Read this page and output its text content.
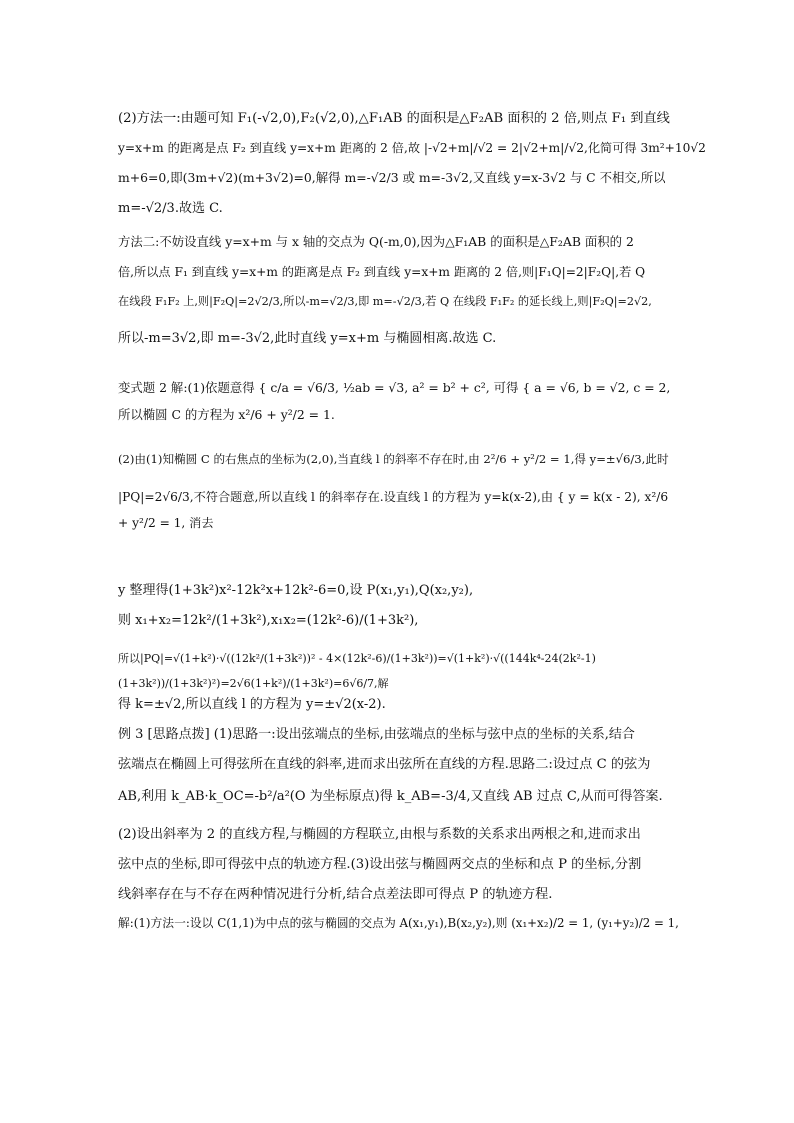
(2)方法一:由题可知 F₁(-√2,0),F₂(√2,0),△F₁AB 的面积是△F₂AB 面积的 2 倍,则点 F₁ 到直线
y=x+m 的距离是点 F₂ 到直线 y=x+m 距离的 2 倍,故 |-√2+m|/√2 = 2|√2+m|/√2,化简可得 3m²+10√2
m+6=0,即(3m+√2)(m+3√2)=0,解得 m=-√2/3 或 m=-3√2,又直线 y=x-3√2 与 C 不相交,所以
m=-√2/3.故选 C.
方法二:不妨设直线 y=x+m 与 x 轴的交点为 Q(-m,0),因为△F₁AB 的面积是△F₂AB 面积的 2
倍,所以点 F₁ 到直线 y=x+m 的距离是点 F₂ 到直线 y=x+m 距离的 2 倍,则|F₁Q|=2|F₂Q|,若 Q
在线段 F₁F₂ 上,则|F₂Q|=2√2/3,所以-m=√2/3,即 m=-√2/3,若 Q 在线段 F₁F₂ 的延长线上,则|F₂Q|=2√2,
所以-m=3√2,即 m=-3√2,此时直线 y=x+m 与椭圆相离.故选 C.
变式题 2 解:(1)依题意得 { c/a = √6/3, ½ab = √3, a² = b² + c², 可得 { a = √6, b = √2, c = 2, 所以椭圆 C 的方程为 x²/6 + y²/2 = 1.
(2)由(1)知椭圆 C 的右焦点的坐标为(2,0),当直线 l 的斜率不存在时,由 2²/6 + y²/2 = 1,得 y=±√6/3,此时
|PQ|=2√6/3,不符合题意,所以直线 l 的斜率存在.设直线 l 的方程为 y=k(x-2),由 { y = k(x - 2), x²/6 + y²/2 = 1, 消去
y 整理得(1+3k²)x²-12k²x+12k²-6=0,设 P(x₁,y₁),Q(x₂,y₂),
则 x₁+x₂=12k²/(1+3k²),x₁x₂=(12k²-6)/(1+3k²),
所以|PQ|=√(1+k²)·√((12k²/(1+3k²))² - 4×(12k²-6)/(1+3k²))=√(1+k²)·√((144k⁴-24(2k²-1)(1+3k²))/(1+3k²)²)=2√6(1+k²)/(1+3k²)=6√6/7,解
得 k=±√2,所以直线 l 的方程为 y=±√2(x-2).
例 3 [思路点拨] (1)思路一:设出弦端点的坐标,由弦端点的坐标与弦中点的坐标的关系,结合
弦端点在椭圆上可得弦所在直线的斜率,进而求出弦所在直线的方程.思路二:设过点 C 的弦为
AB,利用 k_AB·k_OC=-b²/a²(O 为坐标原点)得 k_AB=-3/4,又直线 AB 过点 C,从而可得答案.
(2)设出斜率为 2 的直线方程,与椭圆的方程联立,由根与系数的关系求出两根之和,进而求出
弦中点的坐标,即可得弦中点的轨迹方程.(3)设出弦与椭圆两交点的坐标和点 P 的坐标,分割
线斜率存在与不存在两种情况进行分析,结合点差法即可得点 P 的轨迹方程.
解:(1)方法一:设以 C(1,1)为中点的弦与椭圆的交点为 A(x₁,y₁),B(x₂,y₂),则 (x₁+x₂)/2 = 1, (y₁+y₂)/2 = 1,
